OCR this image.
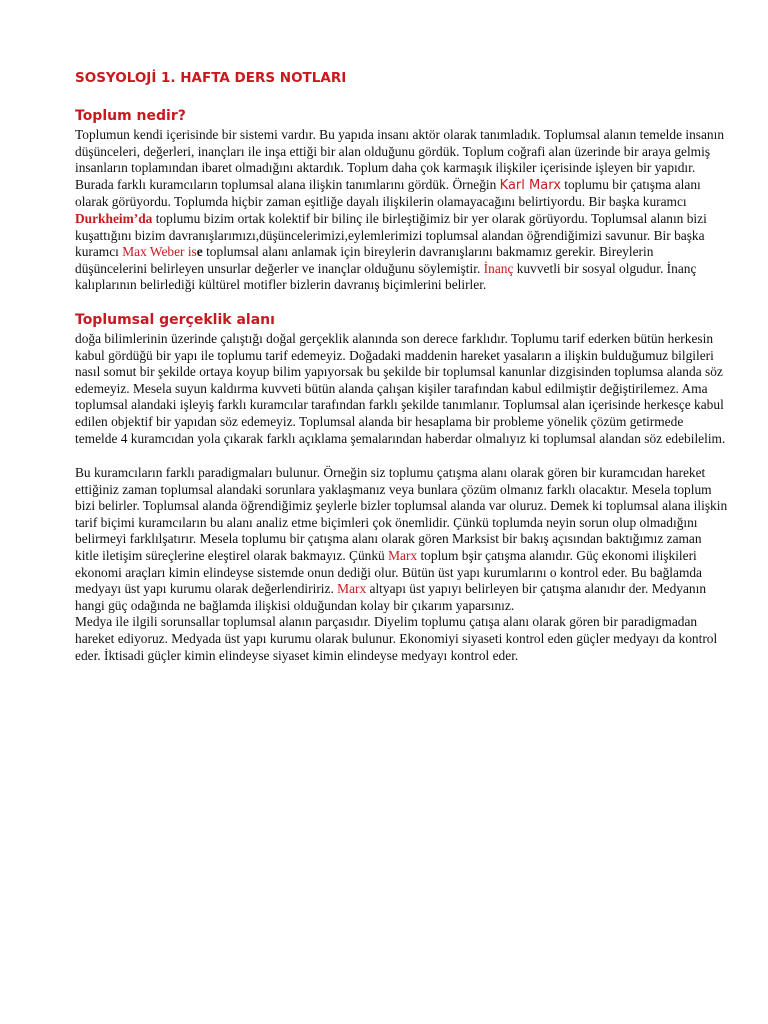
SOSYOLOJİ 1. HAFTA DERS NOTLARI
Toplum nedir?

Toplumun kendi içerisinde bir sistemi vardır. Bu yapıda insanı aktör olarak tanımladık. Toplumsal alanın temelde insanın düşünceleri, değerleri, inançları ile inşa ettiği bir alan olduğunu gördük. Toplum coğrafi alan üzerinde bir araya gelmiş insanların toplamından ibaret olmadığını aktardık. Toplum daha çok karmaşık ilişkiler içerisinde işleyen bir yapıdır. Burada farklı kuramcıların toplumsal alana ilişkin tanımlarını gördük. Örneğin Karl Marx toplumu bir çatışma alanı olarak görüyordu. Toplumda hiçbir zaman eşitliğe dayalı ilişkilerin olamayacağını belirtiyordu. Bir başka kuramcı Durkheim’da toplumu bizim ortak kolektif bir bilinç ile birleştiğimiz bir yer olarak görüyordu. Toplumsal alanın bizi kuşattığını bizim davranışlarımızı,düşüncelerimizi,eylemlerimizi toplumsal alandan öğrendiğimizi savunur. Bir başka kuramcı Max Weber ise toplumsal alanı anlamak için bireylerin davranışlarını bakmamız gerekir. Bireylerin düşüncelerini belirleyen unsurlar değerler ve inançlar olduğunu söylemiştir. İnanç kuvvetli bir sosyal olgudur. İnanç kalıplarının belirlediği kültürel motifler bizlerin davranış biçimlerini belirler.

Toplumsal gerçeklik alanı

doğa bilimlerinin üzerinde çalıştığı doğal gerçeklik alanında son derece farklıdır. Toplumu tarif ederken bütün herkesin kabul gördüğü bir yapı ile toplumu tarif edemeyiz. Doğadaki maddenin hareket yasaların a ilişkin bulduğumuz bilgileri nasıl somut bir şekilde ortaya koyup bilim yapıyorsak bu şekilde bir toplumsal kanunlar dizgisinden toplumsa alanda söz edemeyiz. Mesela suyun kaldırma kuvveti bütün alanda çalışan kişiler tarafından kabul edilmiştir değiştirilemez. Ama toplumsal alandaki işleyiş farklı kuramcılar tarafından farklı şekilde tanımlanır. Toplumsal alan içerisinde herkesçe kabul edilen objektif bir yapıdan söz edemeyiz. Toplumsal alanda bir hesaplama bir probleme yönelik çözüm getirmede temelde 4 kuramcıdan yola çıkarak farklı açıklama şemalarından haberdar olmalıyız ki toplumsal alandan söz edebilelim.

Bu kuramcıların farklı paradigmaları bulunur. Örneğin siz toplumu çatışma alanı olarak gören bir kuramcıdan hareket ettiğiniz zaman toplumsal alandaki sorunlara yaklaşmanız veya bunlara çözüm olmanız farklı olacaktır. Mesela toplum bizi belirler. Toplumsal alanda öğrendiğimiz şeylerle bizler toplumsal alanda var oluruz. Demek ki toplumsal alana ilişkin tarif biçimi kuramcıların bu alanı analiz etme biçimleri çok önemlidir. Çünkü toplumda neyin sorun olup olmadığını belirmeyi farklılşatırır. Mesela toplumu bir çatışma alanı olarak gören Marksist bir bakış açısından baktığımız zaman kitle iletişim süreçlerine eleştirel olarak bakmayız. Çünkü Marx toplum bşir çatışma alanıdır. Güç ekonomi ilişkileri ekonomi araçları kimin elindeyse sistemde onun dediği olur. Bütün üst yapı kurumlarını o kontrol eder. Bu bağlamda medyayı üst yapı kurumu olarak değerlendiririz. Marx altyapı üst yapıyı belirleyen bir çatışma alanıdır der. Medyanın hangi güç odağında ne bağlamda ilişkisi olduğundan kolay bir çıkarım yaparsınız.

Medya ile ilgili sorunsallar toplumsal alanın parçasıdır. Diyelim toplumu çatışa alanı olarak gören bir paradigmadan hareket ediyoruz. Medyada üst yapı kurumu olarak bulunur. Ekonomiyi siyaseti kontrol eden güçler medyayı da kontrol eder. İktisadi güçler kimin elindeyse siyaset kimin elindeyse medyayı kontrol eder.
